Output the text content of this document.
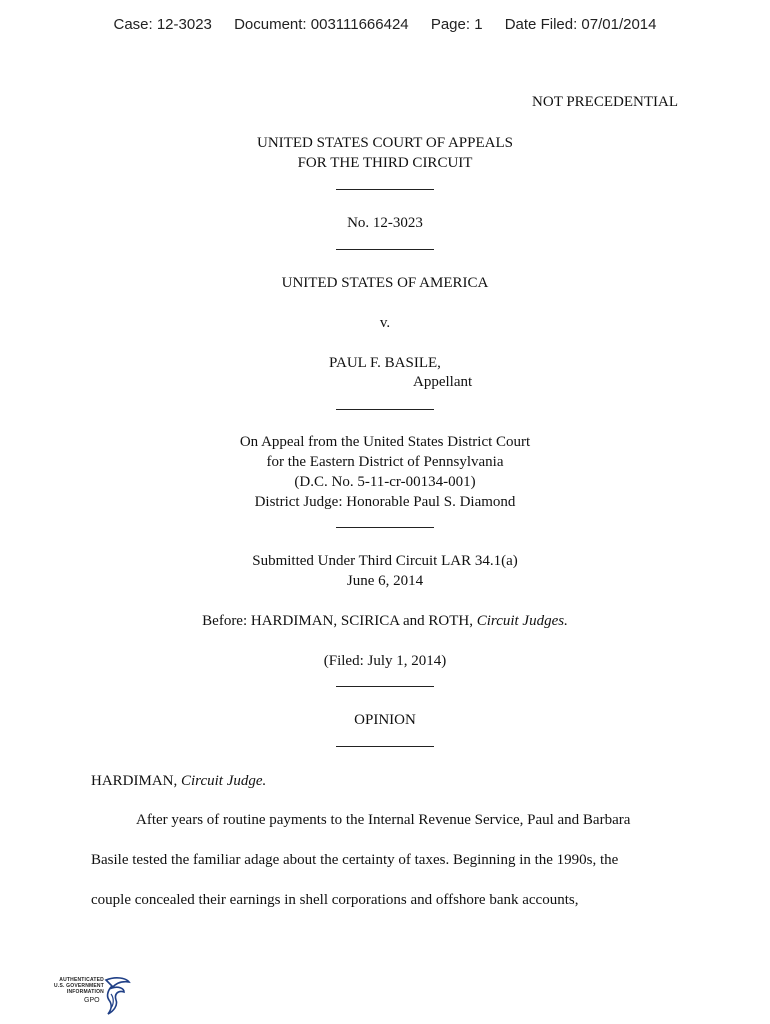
Case: 12-3023 Document: 003111666424 Page: 1 Date Filed: 07/01/2014
NOT PRECEDENTIAL
UNITED STATES COURT OF APPEALS
FOR THE THIRD CIRCUIT
No. 12-3023
UNITED STATES OF AMERICA
v.
PAUL F. BASILE,
Appellant
On Appeal from the United States District Court
for the Eastern District of Pennsylvania
(D.C. No. 5-11-cr-00134-001)
District Judge: Honorable Paul S. Diamond
Submitted Under Third Circuit LAR 34.1(a)
June 6, 2014
Before: HARDIMAN, SCIRICA and ROTH, Circuit Judges.
(Filed: July 1, 2014)
OPINION
HARDIMAN, Circuit Judge.
After years of routine payments to the Internal Revenue Service, Paul and Barbara
Basile tested the familiar adage about the certainty of taxes. Beginning in the 1990s, the
couple concealed their earnings in shell corporations and offshore bank accounts,
AUTHENTICATED
U.S. GOVERNMENT
INFORMATION
GPO
